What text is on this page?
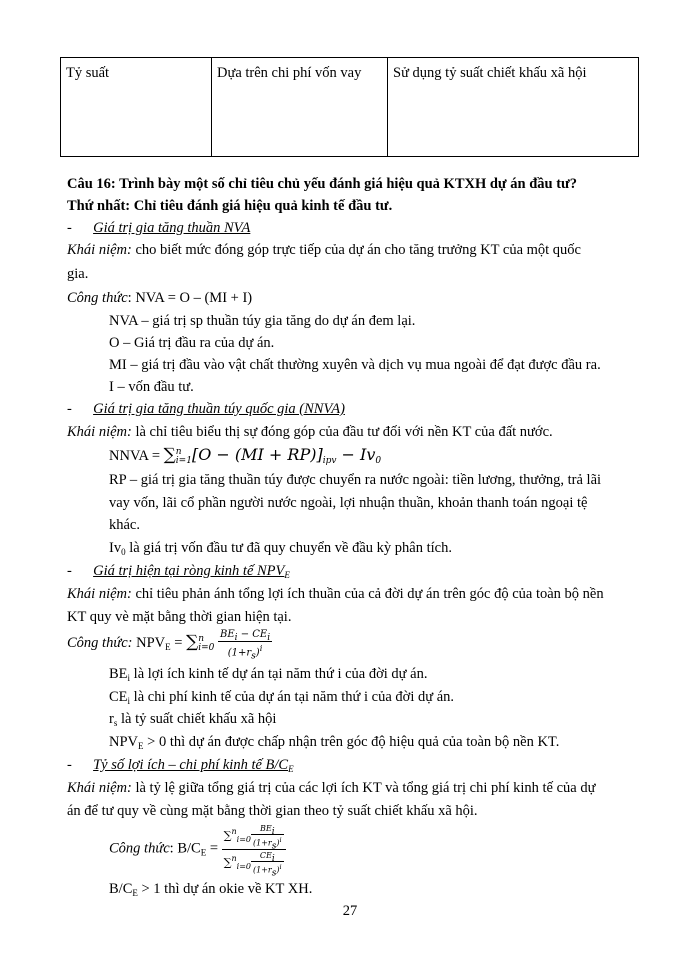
Tỷ suất	Dựa trên chi phí vốn vay	Sử dụng tỷ suất chiết khấu xã hội
Câu 16: Trình bày một số chỉ tiêu chủ yếu đánh giá hiệu quả KTXH dự án đầu tư?
Thứ nhất: Chỉ tiêu đánh giá hiệu quả kinh tế đầu tư.
- Giá trị gia tăng thuần NVA
Khái niệm: cho biết mức đóng góp trực tiếp của dự án cho tăng trưởng KT của một quốc
gia.
Công thức: NVA = O – (MI + I)
NVA – giá trị sp thuần túy gia tăng do dự án đem lại.
O – Giá trị đầu ra của dự án.
MI – giá trị đầu vào vật chất thường xuyên và dịch vụ mua ngoài để đạt được đầu ra.
I – vốn đầu tư.
- Giá trị gia tăng thuần túy quốc gia (NNVA)
Khái niệm: là chỉ tiêu biểu thị sự đóng góp của đầu tư đối với nền KT của đất nước.
NNVA = ∑ n
i=1 $[O - (MI + RP)]_{ipv} - Iv_0$
RP – giá trị gia tăng thuần túy được chuyển ra nước ngoài: tiền lương, thưởng, trả lãi
vay vốn, lãi cổ phần người nước ngoài, lợi nhuận thuần, khoản thanh toán ngoại tệ
khác.
$Iv_0$ là giá trị vốn đầu tư đã quy chuyển về đầu kỳ phân tích.
- Giá trị hiện tại ròng kinh tế $NPV_E$
Khái niệm: chỉ tiêu phản ánh tổng lợi ích thuần của cả đời dự án trên góc độ của toàn bộ nền
KT quy vè mặt bằng thời gian hiện tại.
Công thức: $NPV_E$ = ∑ n
i=0
$\frac{BE_i - CE_i}{(1+r_s)^i}$
$BE_i$ là lợi ích kinh tế dự án tại năm thứ i của đời dự án.
$CE_i$ là chi phí kinh tế của dự án tại năm thứ i của đời dự án.
$r_s$ là tỷ suất chiết khấu xã hội
$NPV_E > 0$ thì dự án được chấp nhận trên góc độ hiệu quả của toàn bộ nền KT.
- Tỷ số lợi ích – chi phí kinh tế $B/C_E$
Khái niệm: là tỷ lệ giữa tổng giá trị của các lợi ích KT và tổng giá trị chi phí kinh tế của dự
án để tư quy về cùng mặt bằng thời gian theo tỷ suất chiết khấu xã hội.
Công thức: $B/C_E$ =
$\sum^n_{i=0} \frac{BE_i}{(1+r_s)^i}$
$\sum^n_{i=0} \frac{CE_i}{(1+r_s)^i}$
$B/C_E > 1$ thì dự án okie về KT XH.
27
